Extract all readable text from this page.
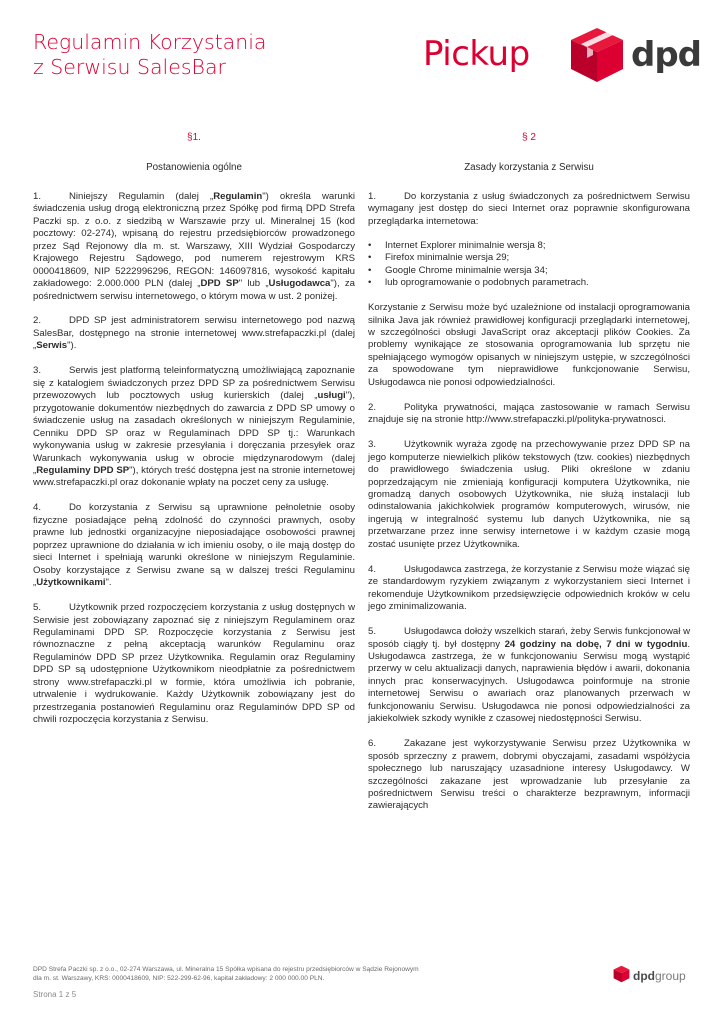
Regulamin Korzystania
z Serwisu SalesBar	Pickup	dpd
§1.
Postanowienia ogólne

1.	Niniejszy Regulamin (dalej „Regulamin") określa warunki świadczenia usług drogą elektroniczną przez Spółkę pod firmą DPD Strefa Paczki sp. z o.o. z siedzibą w Warszawie przy ul. Mineralnej 15 (kod pocztowy: 02-274), wpisaną do rejestru przedsiębiorców prowadzonego przez Sąd Rejonowy dla m. st. Warszawy, XIII Wydział Gospodarczy Krajowego Rejestru Sądowego, pod numerem rejestrowym KRS 0000418609, NIP 5222996296, REGON: 146097816, wysokość kapitału zakładowego: 2.000.000 PLN (dalej „DPD SP" lub „Usługodawca"), za pośrednictwem serwisu internetowego, o którym mowa w ust. 2 poniżej.

2.	DPD SP jest administratorem serwisu internetowego pod nazwą SalesBar, dostępnego na stronie internetowej www.strefapaczki.pl (dalej „Serwis").

3.	Serwis jest platformą teleinformatyczną umożliwiającą zapoznanie się z katalogiem świadczonych przez DPD SP za pośrednictwem Serwisu przewozowych lub pocztowych usług kurierskich (dalej „usługi"), przygotowanie dokumentów niezbędnych do zawarcia z DPD SP umowy o świadczenie usług na zasadach określonych w niniejszym Regulaminie, Cenniku DPD SP oraz w Regulaminach DPD SP tj.: Warunkach wykonywania usług w zakresie przesyłania i doręczania przesyłek oraz Warunkach wykonywania usług w obrocie międzynarodowym (dalej „Regulaminy DPD SP"), których treść dostępna jest na stronie internetowej www.strefapaczki.pl oraz dokonanie wpłaty na poczet ceny za usługę.

4.	Do korzystania z Serwisu są uprawnione pełnoletnie osoby fizyczne posiadające pełną zdolność do czynności prawnych, osoby prawne lub jednostki organizacyjne nieposiadające osobowości prawnej poprzez uprawnione do działania w ich imieniu osoby, o ile mają dostęp do sieci Internet i spełniają warunki określone w niniejszym Regulaminie. Osoby korzystające z Serwisu zwane są w dalszej treści Regulaminu „Użytkownikami".

5.	Użytkownik przed rozpoczęciem korzystania z usług dostępnych w Serwisie jest zobowiązany zapoznać się z niniejszym Regulaminem oraz Regulaminami DPD SP. Rozpoczęcie korzystania z Serwisu jest równoznaczne z pełną akceptacją warunków Regulaminu oraz Regulaminów DPD SP przez Użytkownika. Regulamin oraz Regulaminy DPD SP są udostępnione Użytkownikom nieodpłatnie za pośrednictwem strony www.strefapaczki.pl w formie, która umożliwia ich pobranie, utrwalenie i wydrukowanie. Każdy Użytkownik zobowiązany jest do przestrzegania postanowień Regulaminu oraz Regulaminów DPD SP od chwili rozpoczęcia korzystania z Serwisu.

§ 2
Zasady korzystania z Serwisu

1.	Do korzystania z usług świadczonych za pośrednictwem Serwisu wymagany jest dostęp do sieci Internet oraz poprawnie skonfigurowana przeglądarka internetowa:

• Internet Explorer minimalnie wersja 8;
• Firefox minimalnie wersja 29;
• Google Chrome minimalnie wersja 34;
• lub oprogramowanie o podobnych parametrach.

Korzystanie z Serwisu może być uzależnione od instalacji oprogramowania silnika Java jak również prawidłowej konfiguracji przeglądarki internetowej, w szczególności obsługi JavaScript oraz akceptacji plików Cookies. Za problemy wynikające ze stosowania oprogramowania lub sprzętu nie spełniającego wymogów opisanych w niniejszym ustępie, w szczególności za spowodowane tym nieprawidłowe funkcjonowanie Serwisu, Usługodawca nie ponosi odpowiedzialności.

2.	Polityka prywatności, mająca zastosowanie w ramach Serwisu znajduje się na stronie http://www.strefapaczki.pl/polityka-prywatnosci.

3.	Użytkownik wyraża zgodę na przechowywanie przez DPD SP na jego komputerze niewielkich plików tekstowych (tzw. cookies) niezbędnych do prawidłowego świadczenia usług. Pliki określone w zdaniu poprzedzającym nie zmieniają konfiguracji komputera Użytkownika, nie gromadzą danych osobowych Użytkownika, nie służą instalacji lub odinstalowania jakichkolwiek programów komputerowych, wirusów, nie ingerują w integralność systemu lub danych Użytkownika, nie są przetwarzane przez inne serwisy internetowe i w każdym czasie mogą zostać usunięte przez Użytkownika.

4.	Usługodawca zastrzega, że korzystanie z Serwisu może wiązać się ze standardowym ryzykiem związanym z wykorzystaniem sieci Internet i rekomenduje Użytkownikom przedsięwzięcie odpowiednich kroków w celu jego zminimalizowania.

5.	Usługodawca dołoży wszelkich starań, żeby Serwis funkcjonował w sposób ciągły tj. był dostępny 24 godziny na dobę, 7 dni w tygodniu. Usługodawca zastrzega, że w funkcjonowaniu Serwisu mogą wystąpić przerwy w celu aktualizacji danych, naprawienia błędów i awarii, dokonania innych prac konserwacyjnych. Usługodawca poinformuje na stronie internetowej Serwisu o awariach oraz planowanych przerwach w funkcjonowaniu Serwisu. Usługodawca nie ponosi odpowiedzialności za jakiekolwiek szkody wynikłe z czasowej niedostępności Serwisu.

6.	Zakazane jest wykorzystywanie Serwisu przez Użytkownika w sposób sprzeczny z prawem, dobrymi obyczajami, zasadami współżycia społecznego lub naruszający uzasadnione interesy Usługodawcy. W szczególności zakazane jest wprowadzanie lub przesyłanie za pośrednictwem Serwisu treści o charakterze bezprawnym, informacji zawierających

DPD Strefa Paczki sp. z o.o., 02-274 Warszawa, ul. Mineralna 15 Spółka wpisana do rejestru przedsiębiorców w Sądzie Rejonowym
dla m. st. Warszawy, KRS: 0000418609, NIP: 522-299-62-96, kapitał zakładowy: 2 000 000.00 PLN.
Strona 1 z 5
dpdgroup
